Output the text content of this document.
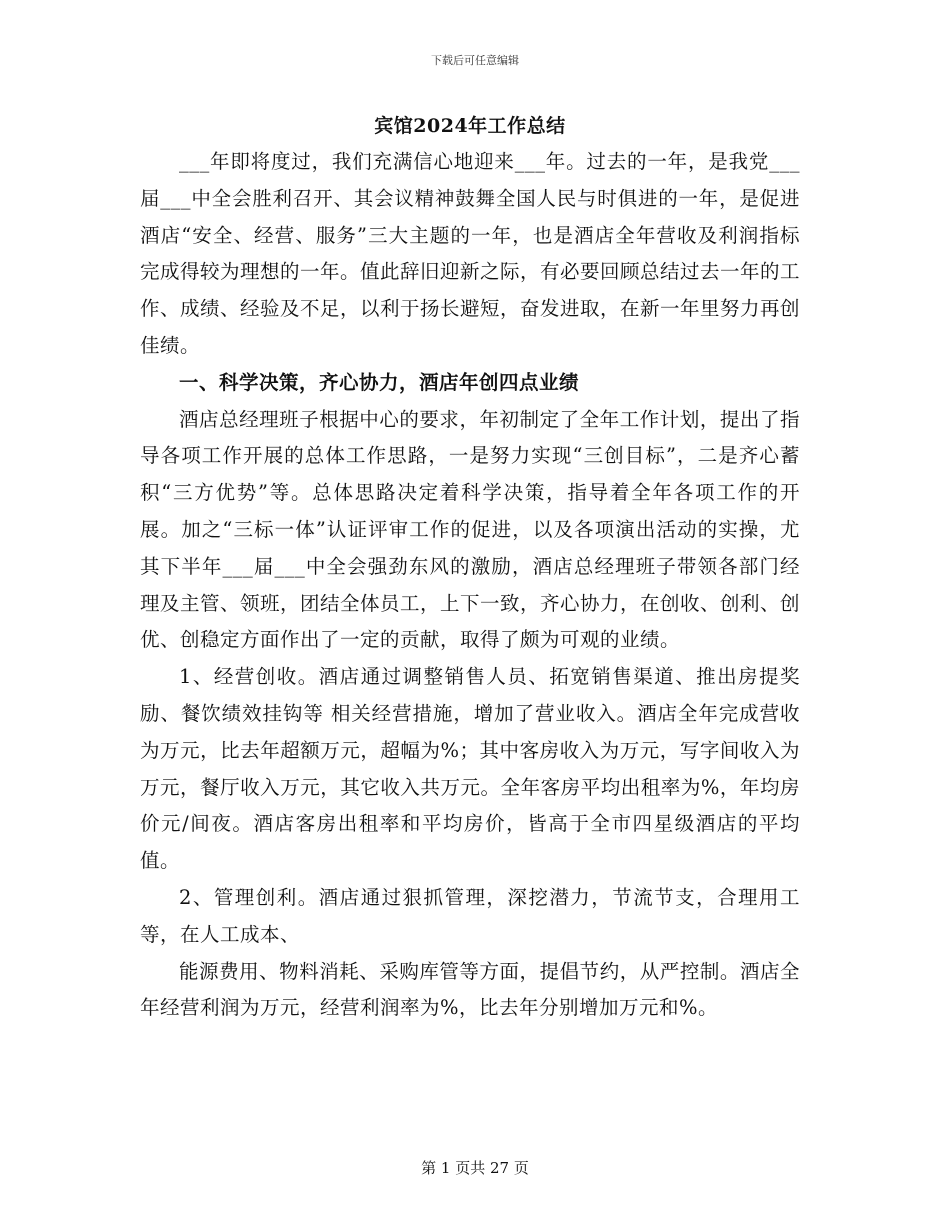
下载后可任意编辑
宾馆2024年工作总结

___年即将度过，我们充满信心地迎来___年。过去的一年，是我党___届___中全会胜利召开、其会议精神鼓舞全国人民与时俱进的一年，是促进酒店“安全、经营、服务”三大主题的一年，也是酒店全年营收及利润指标完成得较为理想的一年。值此辞旧迎新之际，有必要回顾总结过去一年的工作、成绩、经验及不足，以利于扬长避短，奋发进取，在新一年里努力再创佳绩。

一、科学决策，齐心协力，酒店年创四点业绩

酒店总经理班子根据中心的要求，年初制定了全年工作计划，提出了指导各项工作开展的总体工作思路，一是努力实现“三创目标”，二是齐心蓄积“三方优势”等。总体思路决定着科学决策，指导着全年各项工作的开展。加之“三标一体”认证评审工作的促进，以及各项演出活动的实操，尤其下半年___届___中全会强劲东风的激励，酒店总经理班子带领各部门经理及主管、领班，团结全体员工，上下一致，齐心协力，在创收、创利、创优、创稳定方面作出了一定的贡献，取得了颇为可观的业绩。

1、经营创收。酒店通过调整销售人员、拓宽销售渠道、推出房提奖励、餐饮绩效挂钩等 相关经营措施，增加了营业收入。酒店全年完成营收为万元，比去年超额万元，超幅为%；其中客房收入为万元，写字间收入为万元，餐厅收入万元，其它收入共万元。全年客房平均出租率为%，年均房价元/间夜。酒店客房出租率和平均房价，皆高于全市四星级酒店的平均值。

2、管理创利。酒店通过狠抓管理，深挖潜力，节流节支，合理用工等，在人工成本、

能源费用、物料消耗、采购库管等方面，提倡节约，从严控制。酒店全年经营利润为万元，经营利润率为%，比去年分别增加万元和%。

第 1 页共 27 页
